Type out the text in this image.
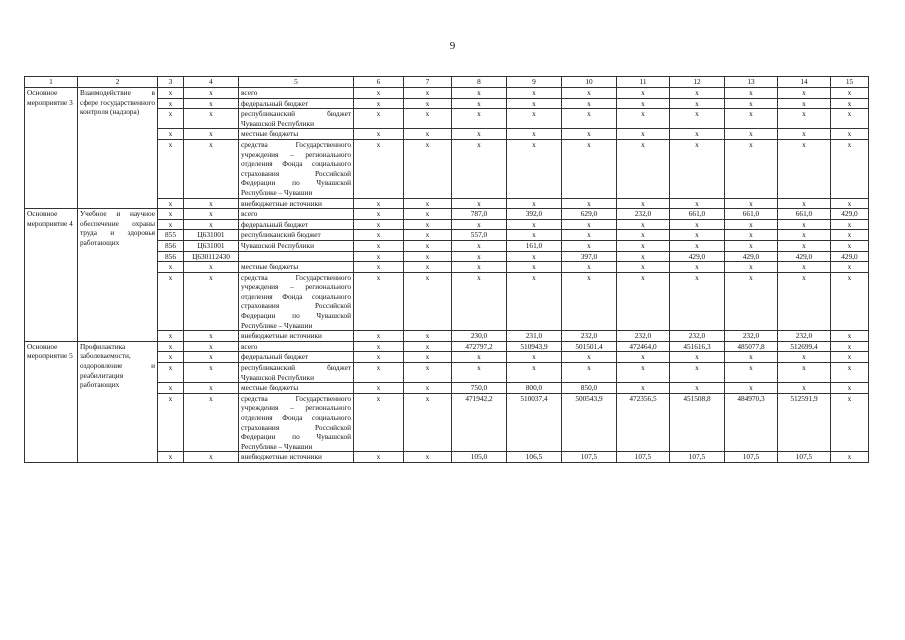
9
1	2	3	4	5	6	7	8	9	10	11	12	13	14	15
Основное мероприятие 3	Взаимодействие в сфере государственного контроля (надзора)	x	x	всего	x	x	x	x	x	x	x	x	x	x
		x	x	федеральный бюджет	x	x	x	x	x	x	x	x	x	x
		x	x	республиканский бюджет Чувашской Республики	x	x	x	x	x	x	x	x	x	x
		x	x	местные бюджеты	x	x	x	x	x	x	x	x	x	x
		x	x	средства Государственного учреждения – регионального отделения Фонда социального страхования Российской Федерации по Чувашской Республике – Чувашии	x	x	x	x	x	x	x	x	x	x
		x	x	внебюджетные источники	x	x	x	x	x	x	x	x	x	x
Основное мероприятие 4	Учебное и научное обеспечение охраны труда и здоровья работающих	x	x	всего	x	x	787,0	392,0	629,0	232,0	661,0	661,0	661,0	429,0
		x	x	федеральный бюджет	x	x	x	x	x	x	x	x	x	x
		855	Ц631001	республиканский бюджет	x	x	557,0	x	x	x	x	x	x	x
		856	Ц631001	Чувашской Республики	x	x	x	161,0	x	x	x	x	x	x
		856	Ц630112430		x	x	x	x	397,0	x	429,0	429,0	429,0	429,0
		x	x	местные бюджеты	x	x	x	x	x	x	x	x	x	x
		x	x	средства Государственного учреждения – регионального отделения Фонда социального страхования Российской Федерации по Чувашской Республике – Чувашии	x	x	x	x	x	x	x	x	x	x
		x	x	внебюджетные источники	x	x	230,0	231,0	232,0	232,0	232,0	232,0	232,0	x
Основное мероприятие 5	Профилактика заболеваемости, оздоровление и реабилитация работающих	x	x	всего	x	x	472797,2	510943,9	501501,4	472464,0	451616,3	485077,8	512699,4	x
		x	x	федеральный бюджет	x	x	x	x	x	x	x	x	x	x
		x	x	республиканский бюджет Чувашской Республики	x	x	x	x	x	x	x	x	x	x
		x	x	местные бюджеты	x	x	750,0	800,0	850,0	x	x	x	x	x
		x	x	средства Государственного учреждения – регионального отделения Фонда социального страхования Российской Федерации по Чувашской Республике – Чувашии	x	x	471942,2	510037,4	500543,9	472356,5	451508,8	484970,3	512591,9	x
		x	x	внебюджетные источники	x	x	105,0	106,5	107,5	107,5	107,5	107,5	107,5	x
